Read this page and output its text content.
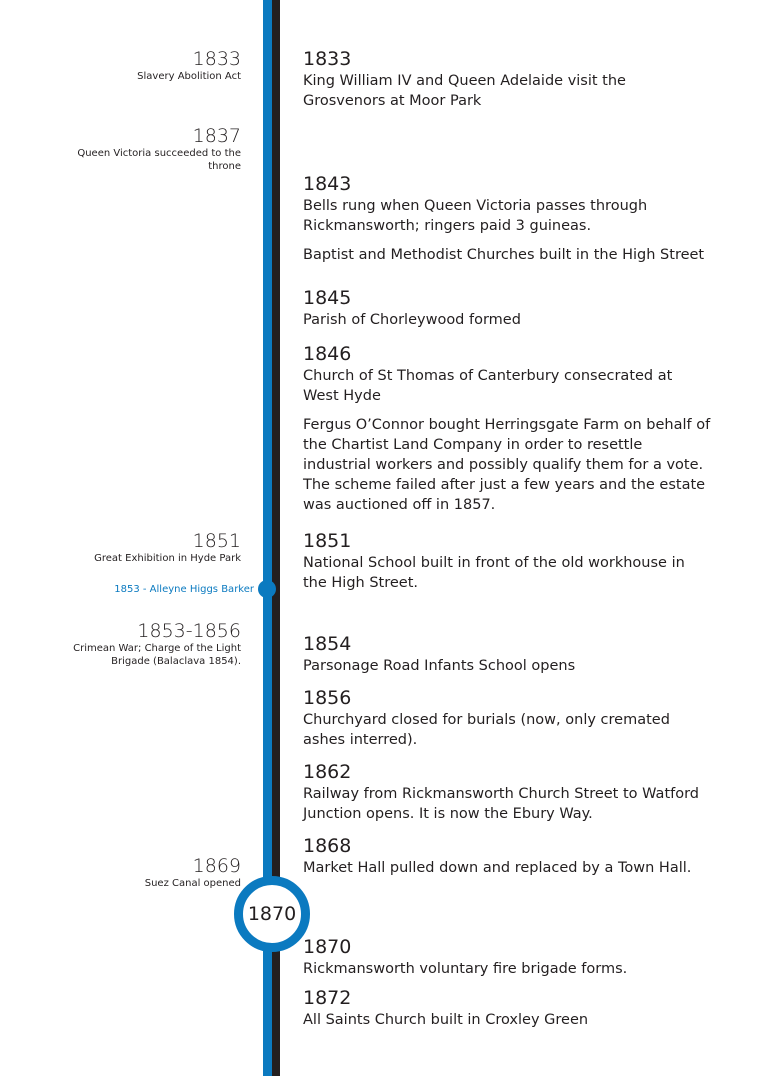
1833
Slavery Abolition Act
1837
Queen Victoria succeeded to the throne
1851
Great Exhibition in Hyde Park
1853-1856
Crimean War; Charge of the Light Brigade (Balaclava 1854).
1869
Suez Canal opened
1853 - Alleyne Higgs Barker
1870
1833
King William IV and Queen Adelaide visit the Grosvenors at Moor Park
1843
Bells rung when Queen Victoria passes through Rickmansworth; ringers paid 3 guineas.
Baptist and Methodist Churches built in the High Street
1845
Parish of Chorleywood formed
1846
Church of St Thomas of Canterbury consecrated at West Hyde
Fergus O’Connor bought Herringsgate Farm on behalf of the Chartist Land Company in order to resettle industrial workers and possibly qualify them for a vote. The scheme failed after just a few years and the estate was auctioned off in 1857.
1851
National School built in front of the old workhouse in the High Street.
1854
Parsonage Road Infants School opens
1856
Churchyard closed for burials (now, only cremated ashes interred).
1862
Railway from Rickmansworth Church Street to Watford Junction opens. It is now the Ebury Way.
1868
Market Hall pulled down and replaced by a Town Hall.
1870
Rickmansworth voluntary fire brigade forms.
1872
All Saints Church built in Croxley Green
